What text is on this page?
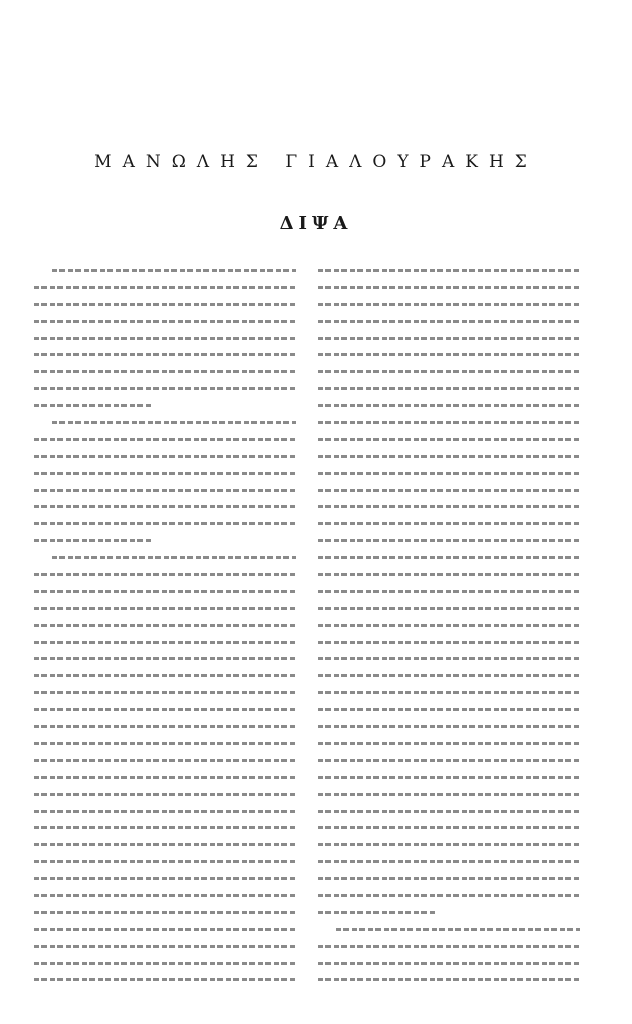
ΜΑΝΩΛΗΣ ΓΙΑΛΟΥΡΑΚΗΣ
ΔΙΨΑ
